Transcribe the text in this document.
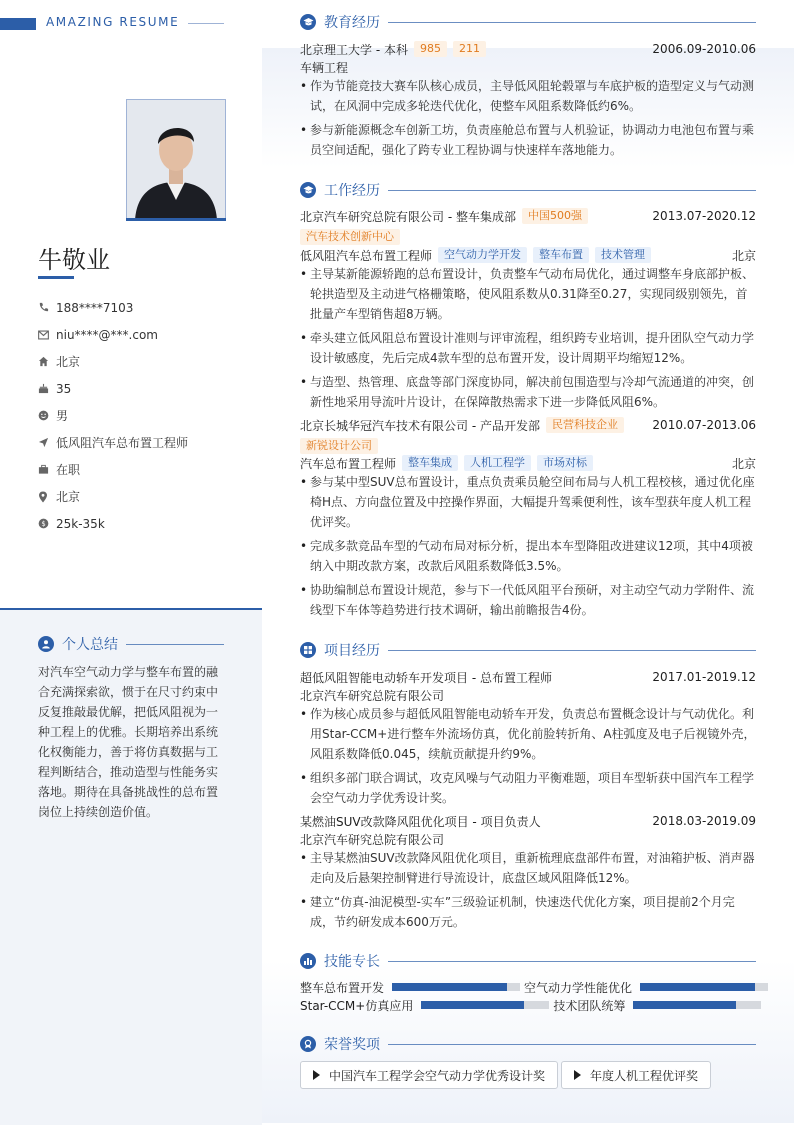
AMAZING RESUME
牛敬业
188****7103
niu****@***.com
北京
35
男
低风阻汽车总布置工程师
在职
北京
$ 25k-35k
个人总结
对汽车空气动力学与整车布置的融合充满探索欲，惯于在尺寸约束中反复推敲最优解，把低风阻视为一种工程上的优雅。长期培养出系统化权衡能力，善于将仿真数据与工程判断结合，推动造型与性能务实落地。期待在具备挑战性的总布置岗位上持续创造价值。
教育经历
北京理工大学 - 本科	985	211	2006.09-2010.06
车辆工程
• 作为节能竞技大赛车队核心成员，主导低风阻轮毂罩与车底护板的造型定义与气动测试，在风洞中完成多轮迭代优化，使整车风阻系数降低约6%。
• 参与新能源概念车创新工坊，负责座舱总布置与人机验证，协调动力电池包布置与乘员空间适配，强化了跨专业工程协调与快速样车落地能力。
工作经历
北京汽车研究总院有限公司 - 整车集成部	中国500强	2013.07-2020.12
汽车技术创新中心
低风阻汽车总布置工程师	空气动力学开发	整车布置	技术管理	北京
• 主导某新能源轿跑的总布置设计，负责整车气动布局优化，通过调整车身底部护板、轮拱造型及主动进气格栅策略，使风阻系数从0.31降至0.27，实现同级别领先，首批量产车型销售超8万辆。
• 牵头建立低风阻总布置设计准则与评审流程，组织跨专业培训，提升团队空气动力学设计敏感度，先后完成4款车型的总布置开发，设计周期平均缩短12%。
• 与造型、热管理、底盘等部门深度协同，解决前包围造型与冷却气流通道的冲突，创新性地采用导流叶片设计，在保障散热需求下进一步降低风阻6%。
北京长城华冠汽车技术有限公司 - 产品开发部	民营科技企业	2010.07-2013.06
新锐设计公司
汽车总布置工程师	整车集成	人机工程学	市场对标	北京
• 参与某中型SUV总布置设计，重点负责乘员舱空间布局与人机工程校核，通过优化座椅H点、方向盘位置及中控操作界面，大幅提升驾乘便利性，该车型获年度人机工程优评奖。
• 完成多款竞品车型的气动布局对标分析，提出本车型降阻改进建议12项，其中4项被纳入中期改款方案，改款后风阻系数降低3.5%。
• 协助编制总布置设计规范，参与下一代低风阻平台预研，对主动空气动力学附件、流线型下车体等趋势进行技术调研，输出前瞻报告4份。
项目经历
超低风阻智能电动轿车开发项目 - 总布置工程师	2017.01-2019.12
北京汽车研究总院有限公司
• 作为核心成员参与超低风阻智能电动轿车开发，负责总布置概念设计与气动优化。利用Star-CCM+进行整车外流场仿真，优化前脸转折角、A柱弧度及电子后视镜外壳，风阻系数降低0.045，续航贡献提升约9%。
• 组织多部门联合调试，攻克风噪与气动阻力平衡难题，项目车型斩获中国汽车工程学会空气动力学优秀设计奖。
某燃油SUV改款降风阻优化项目 - 项目负责人	2018.03-2019.09
北京汽车研究总院有限公司
• 主导某燃油SUV改款降风阻优化项目，重新梳理底盘部件布置，对油箱护板、消声器走向及后悬架控制臂进行导流设计，底盘区域风阻降低12%。
• 建立“仿真-油泥模型-实车”三级验证机制，快速迭代优化方案，项目提前2个月完成，节约研发成本600万元。
技能专长
整车总布置开发	空气动力学性能优化
Star-CCM+仿真应用	技术团队统筹
荣誉奖项
中国汽车工程学会空气动力学优秀设计奖	年度人机工程优评奖
